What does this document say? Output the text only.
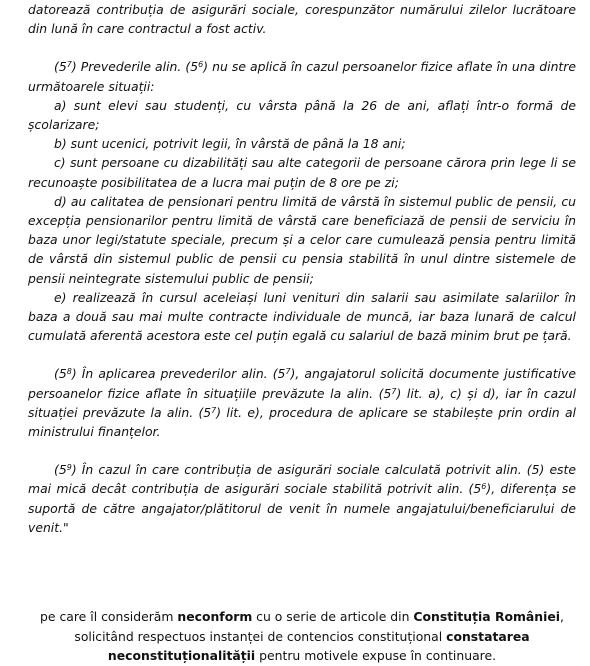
datorează contribuția de asigurări sociale, corespunzător numărului zilelor lucrătoare din lună în care contractul a fost activ.

$(5^7)$ Prevederile alin. $(5^6)$ nu se aplică în cazul persoanelor fizice aflate în una dintre următoarele situații:

a) sunt elevi sau studenți, cu vârsta până la 26 de ani, aflați într-o formă de școlarizare;

b) sunt ucenici, potrivit legii, în vârstă de până la 18 ani;

c) sunt persoane cu dizabilități sau alte categorii de persoane cărora prin lege li se recunoaște posibilitatea de a lucra mai puțin de 8 ore pe zi;

d) au calitatea de pensionari pentru limită de vârstă în sistemul public de pensii, cu excepția pensionarilor pentru limită de vârstă care beneficiază de pensii de serviciu în baza unor legi/statute speciale, precum și a celor care cumulează pensia pentru limită de vârstă din sistemul public de pensii cu pensia stabilită în unul dintre sistemele de pensii neintegrate sistemului public de pensii;

e) realizează în cursul aceleiași luni venituri din salarii sau asimilate salariilor în baza a două sau mai multe contracte individuale de muncă, iar baza lunară de calcul cumulată aferentă acestora este cel puțin egală cu salariul de bază minim brut pe țară.

$(5^8)$ În aplicarea prevederilor alin. $(5^7)$, angajatorul solicită documente justificative persoanelor fizice aflate în situațiile prevăzute la alin. $(5^7)$ lit. a), c) și d), iar în cazul situației prevăzute la alin. $(5^7)$ lit. e), procedura de aplicare se stabilește prin ordin al ministrului finanțelor.

$(5^9)$ În cazul în care contribuția de asigurări sociale calculată potrivit alin. (5) este mai mică decât contribuția de asigurări sociale stabilită potrivit alin. $(5^6)$, diferența se suportă de către angajator/plătitorul de venit în numele angajatului/beneficiarului de venit."

pe care îl considerăm neconform cu o serie de articole din Constituția României, solicitând respectuos instanței de contencios constituțional constatarea neconstituționalității pentru motivele expuse în continuare.
